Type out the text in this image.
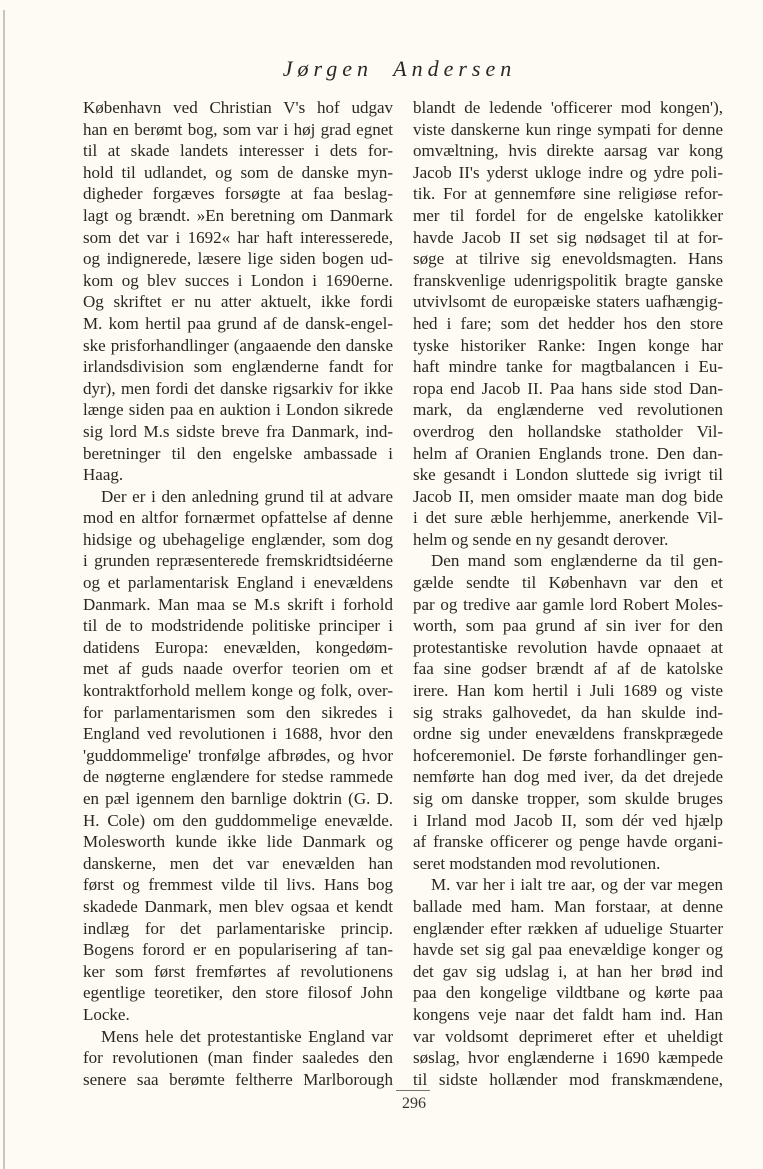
Jørgen Andersen
København ved Christian V's hof udgav
han en berømt bog, som var i høj grad egnet
til at skade landets interesser i dets for-
hold til udlandet, og som de danske myn-
digheder forgæves forsøgte at faa beslag-
lagt og brændt. »En beretning om Danmark
som det var i 1692« har haft interesserede,
og indignerede, læsere lige siden bogen ud-
kom og blev succes i London i 1690erne.
Og skriftet er nu atter aktuelt, ikke fordi
M. kom hertil paa grund af de dansk-engel-
ske prisforhandlinger (angaaende den danske
irlandsdivision som englænderne fandt for
dyr), men fordi det danske rigsarkiv for ikke
længe siden paa en auktion i London sikrede
sig lord M.s sidste breve fra Danmark, ind-
beretninger til den engelske ambassade i
Haag.
Der er i den anledning grund til at advare
mod en altfor fornærmet opfattelse af denne
hidsige og ubehagelige englænder, som dog
i grunden repræsenterede fremskridtsidéerne
og et parlamentarisk England i enevældens
Danmark. Man maa se M.s skrift i forhold
til de to modstridende politiske principer i
datidens Europa: enevælden, kongedøm-
met af guds naade overfor teorien om et
kontraktforhold mellem konge og folk, over-
for parlamentarismen som den sikredes i
England ved revolutionen i 1688, hvor den
'guddommelige' tronfølge afbrødes, og hvor
de nøgterne englændere for stedse rammede
en pæl igennem den barnlige doktrin (G. D.
H. Cole) om den guddommelige enevælde.
Molesworth kunde ikke lide Danmark og
danskerne, men det var enevælden han
først og fremmest vilde til livs. Hans bog
skadede Danmark, men blev ogsaa et kendt
indlæg for det parlamentariske princip.
Bogens forord er en popularisering af tan-
ker som først fremførtes af revolutionens
egentlige teoretiker, den store filosof John
Locke.
Mens hele det protestantiske England var
for revolutionen (man finder saaledes den
senere saa berømte feltherre Marlborough
blandt de ledende 'officerer mod kongen'),
viste danskerne kun ringe sympati for denne
omvæltning, hvis direkte aarsag var kong
Jacob II's yderst ukloge indre og ydre poli-
tik. For at gennemføre sine religiøse refor-
mer til fordel for de engelske katolikker
havde Jacob II set sig nødsaget til at for-
søge at tilrive sig enevoldsmagten. Hans
franskvenlige udenrigspolitik bragte ganske
utvivlsomt de europæiske staters uafhængig-
hed i fare; som det hedder hos den store
tyske historiker Ranke: Ingen konge har
haft mindre tanke for magtbalancen i Eu-
ropa end Jacob II. Paa hans side stod Dan-
mark, da englænderne ved revolutionen
overdrog den hollandske statholder Vil-
helm af Oranien Englands trone. Den dan-
ske gesandt i London sluttede sig ivrigt til
Jacob II, men omsider maate man dog bide
i det sure æble herhjemme, anerkende Vil-
helm og sende en ny gesandt derover.
Den mand som englænderne da til gen-
gælde sendte til København var den et
par og tredive aar gamle lord Robert Moles-
worth, som paa grund af sin iver for den
protestantiske revolution havde opnaaet at
faa sine godser brændt af af de katolske
irere. Han kom hertil i Juli 1689 og viste
sig straks galhovedet, da han skulde ind-
ordne sig under enevældens franskprægede
hofceremoniel. De første forhandlinger gen-
nemførte han dog med iver, da det drejede
sig om danske tropper, som skulde bruges
i Irland mod Jacob II, som dér ved hjælp
af franske officerer og penge havde organi-
seret modstanden mod revolutionen.
M. var her i ialt tre aar, og der var megen
ballade med ham. Man forstaar, at denne
englænder efter rækken af uduelige Stuarter
havde set sig gal paa enevældige konger og
det gav sig udslag i, at han her brød ind
paa den kongelige vildtbane og kørte paa
kongens veje naar det faldt ham ind. Han
var voldsomt deprimeret efter et uheldigt
søslag, hvor englænderne i 1690 kæmpede
til sidste hollænder mod franskmændene,
296
